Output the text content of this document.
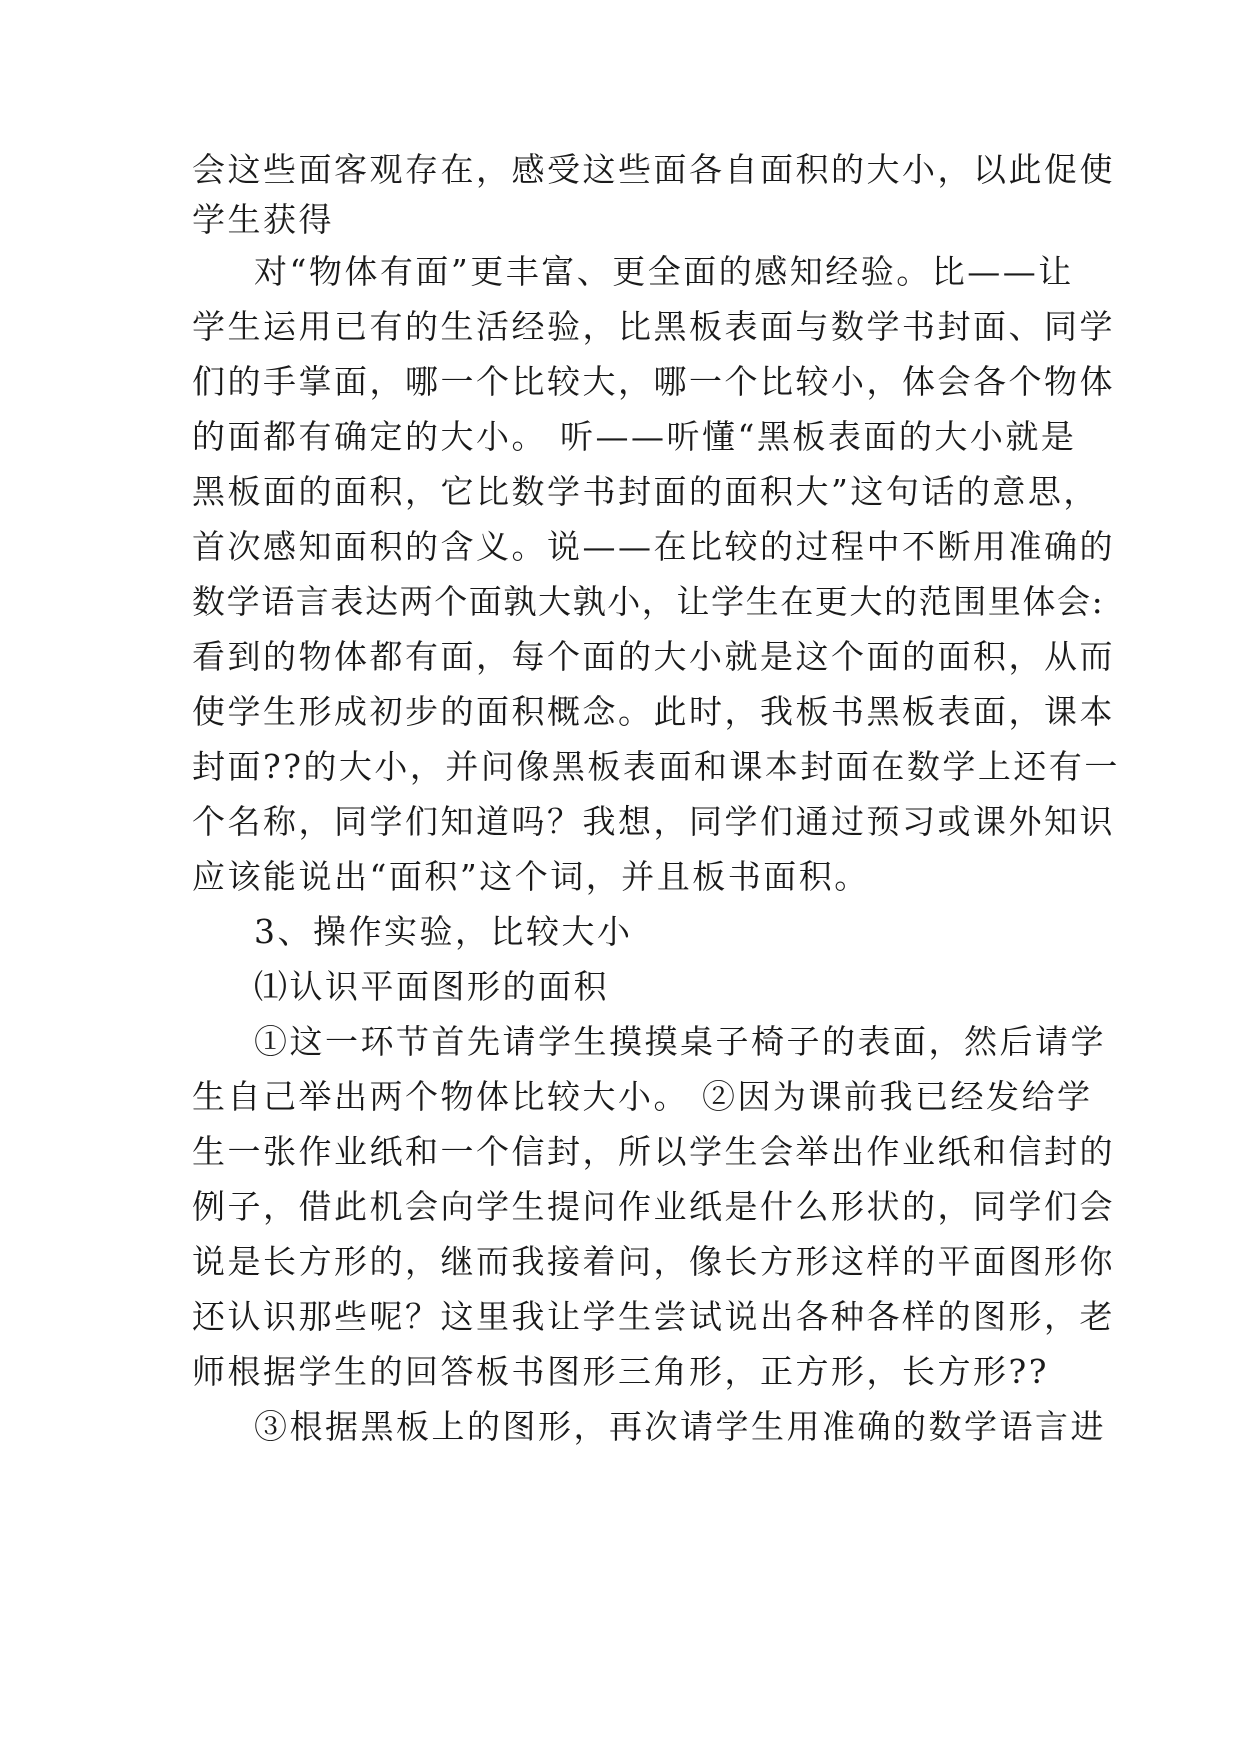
会这些面客观存在，感受这些面各自面积的大小，以此促使
学生获得
对“物体有面”更丰富、更全面的感知经验。比——让
学生运用已有的生活经验，比黑板表面与数学书封面、同学
们的手掌面，哪一个比较大，哪一个比较小，体会各个物体
的面都有确定的大小。 听——听懂“黑板表面的大小就是
黑板面的面积，它比数学书封面的面积大”这句话的意思，
首次感知面积的含义。说——在比较的过程中不断用准确的
数学语言表达两个面孰大孰小，让学生在更大的范围里体会:
看到的物体都有面，每个面的大小就是这个面的面积，从而
使学生形成初步的面积概念。此时，我板书黑板表面，课本
封面??的大小，并问像黑板表面和课本封面在数学上还有一
个名称，同学们知道吗？我想，同学们通过预习或课外知识
应该能说出“面积”这个词，并且板书面积。
3、操作实验，比较大小
⑴认识平面图形的面积
①这一环节首先请学生摸摸桌子椅子的表面，然后请学
生自己举出两个物体比较大小。 ②因为课前我已经发给学
生一张作业纸和一个信封，所以学生会举出作业纸和信封的
例子，借此机会向学生提问作业纸是什么形状的，同学们会
说是长方形的，继而我接着问，像长方形这样的平面图形你
还认识那些呢？这里我让学生尝试说出各种各样的图形，老
师根据学生的回答板书图形三角形，正方形，长方形??
③根据黑板上的图形，再次请学生用准确的数学语言进
